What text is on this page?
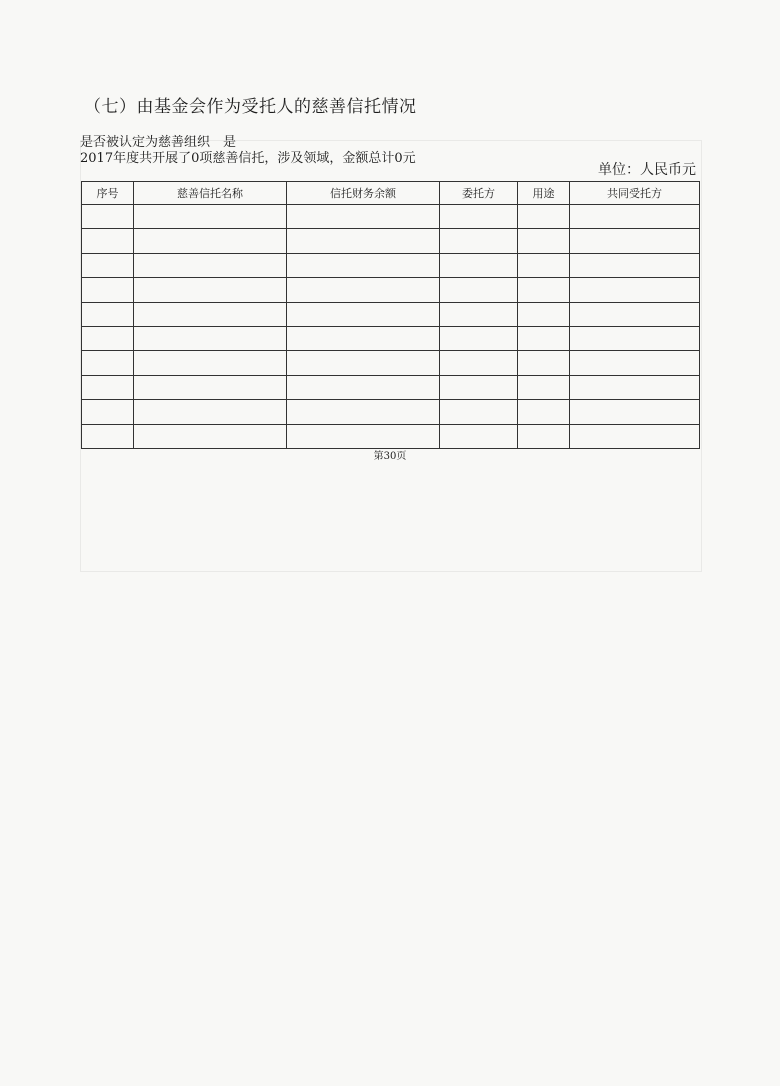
（七）由基金会作为受托人的慈善信托情况
是否被认定为慈善组织　是
2017年度共开展了0项慈善信托，涉及领域，金额总计0元
单位：人民币元
序号	慈善信托名称	信托财务余额	委托方	用途	共同受托方

第30页
